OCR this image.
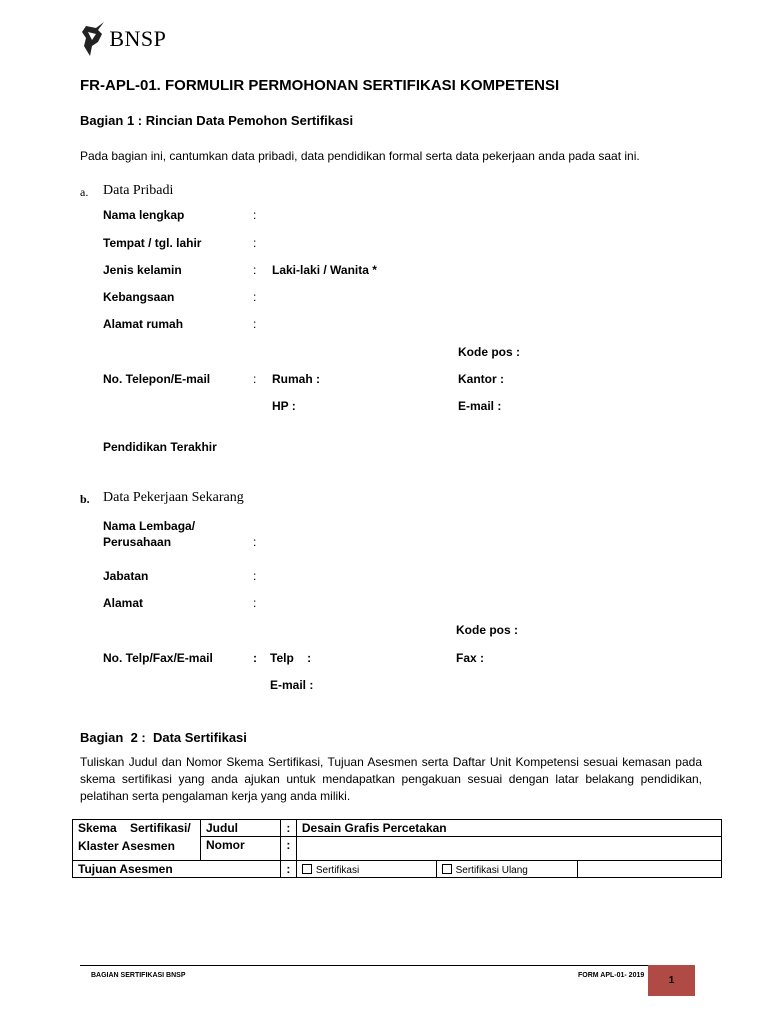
BNSP
FR-APL-01. FORMULIR PERMOHONAN SERTIFIKASI KOMPETENSI
Bagian 1 : Rincian Data Pemohon Sertifikasi
Pada bagian ini, cantumkan data pribadi, data pendidikan formal serta data pekerjaan anda pada saat ini.
a. Data Pribadi
Nama lengkap	:
Tempat / tgl. lahir	:
Jenis kelamin	: Laki-laki / Wanita *
Kebangsaan	:
Alamat rumah	:
Kode pos :
No. Telepon/E-mail	: Rumah :	Kantor :
HP :	E-mail :
Pendidikan Terakhir
b. Data Pekerjaan Sekarang
Nama Lembaga/
Perusahaan	:
Jabatan	:
Alamat	:
Kode pos :
No. Telp/Fax/E-mail	: Telp    :	Fax :
E-mail :
Bagian  2 :  Data Sertifikasi
Tuliskan Judul dan Nomor Skema Sertifikasi, Tujuan Asesmen serta Daftar Unit Kompetensi sesuai kemasan pada skema sertifikasi yang anda ajukan untuk mendapatkan pengakuan sesuai dengan latar belakang pendidikan, pelatihan serta pengalaman kerja yang anda miliki.
Skema    Sertifikasi/
Klaster Asesmen	Judul	:	Desain Grafis Percetakan		
	Nomor	:			
Tujuan Asesmen		:	Sertifikasi	Sertifikasi Ulang	
BAGIAN SERTIFIKASI BNSP	FORM APL-01- 2019	1
